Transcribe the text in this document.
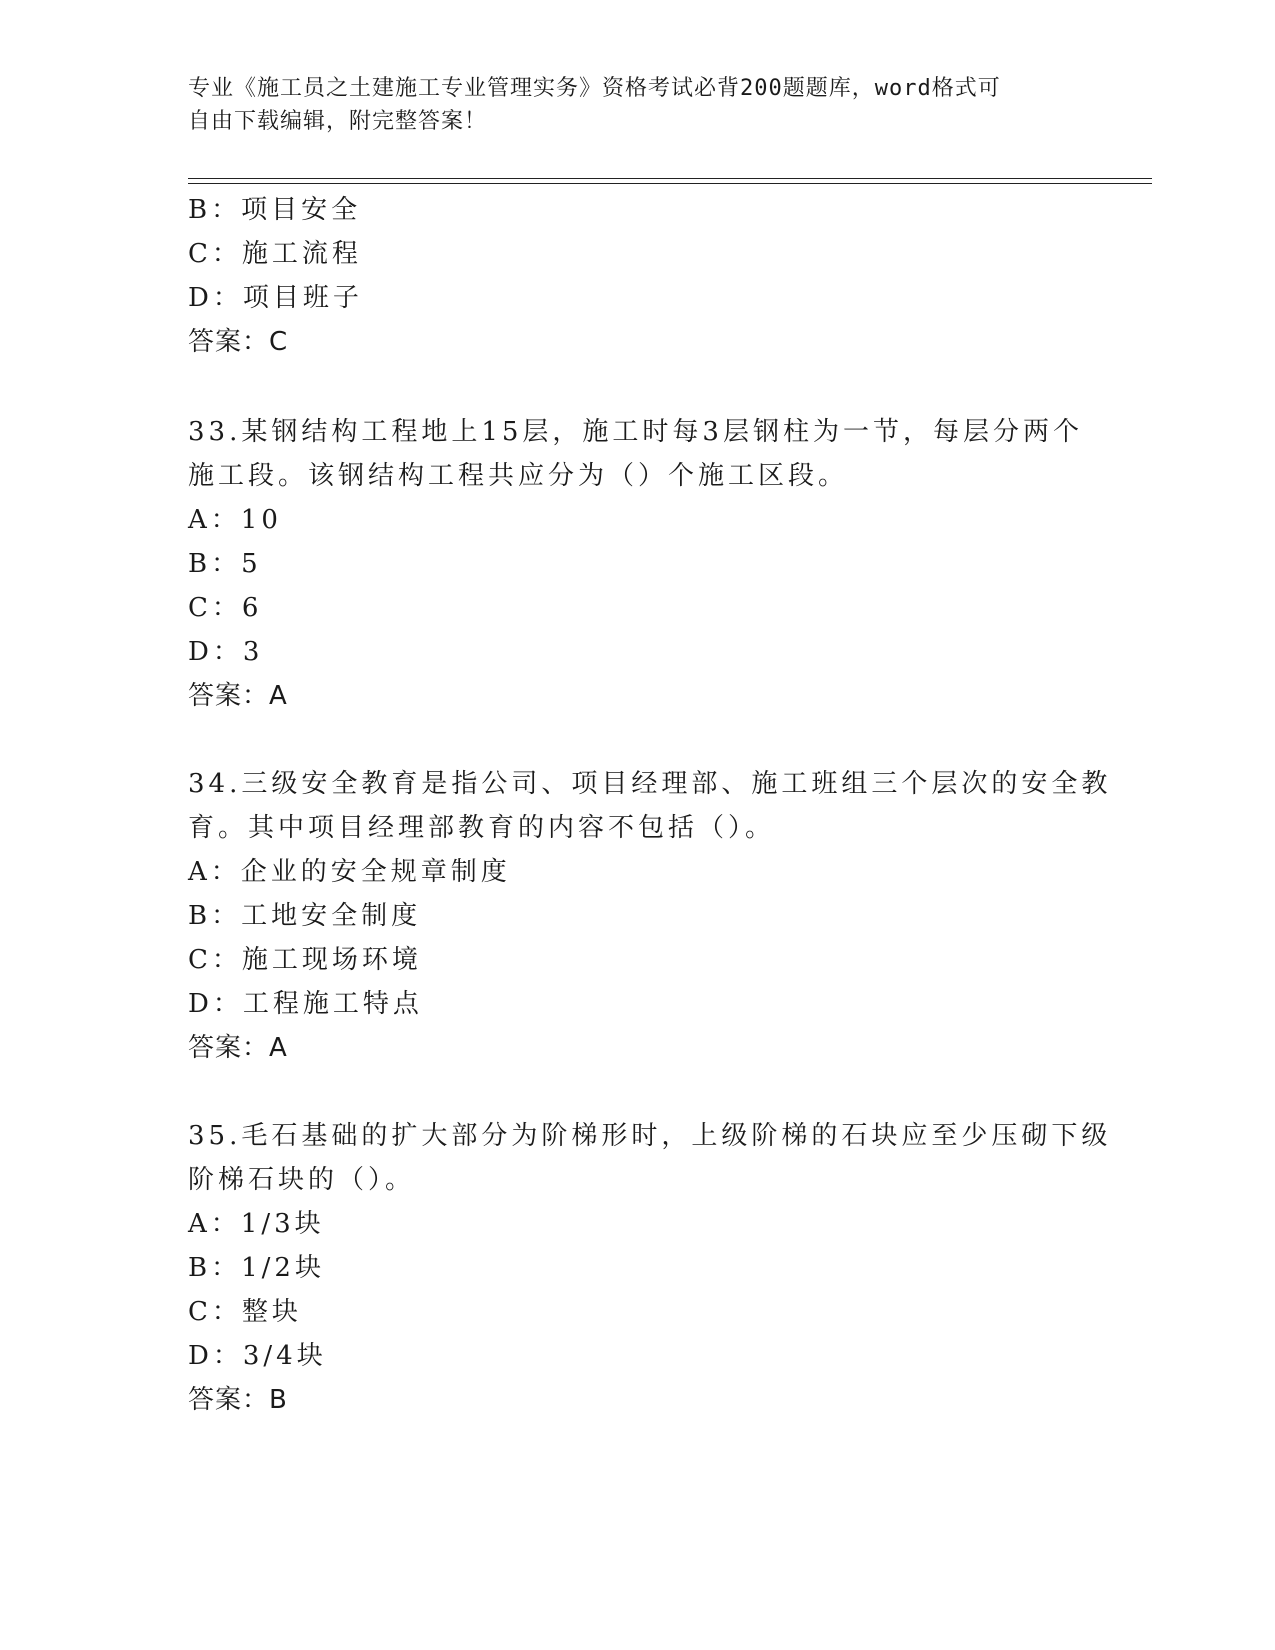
专业《施工员之土建施工专业管理实务》资格考试必背200题题库，word格式可
自由下载编辑，附完整答案！
B：项目安全
C：施工流程
D：项目班子
答案：C
33.某钢结构工程地上15层，施工时每3层钢柱为一节，每层分两个
施工段。该钢结构工程共应分为（）个施工区段。
A：10
B：5
C：6
D：3
答案：A
34.三级安全教育是指公司、项目经理部、施工班组三个层次的安全教
育。其中项目经理部教育的内容不包括（）。
A：企业的安全规章制度
B：工地安全制度
C：施工现场环境
D：工程施工特点
答案：A
35.毛石基础的扩大部分为阶梯形时，上级阶梯的石块应至少压砌下级
阶梯石块的（）。
A：1/3块
B：1/2块
C：整块
D：3/4块
答案：B
